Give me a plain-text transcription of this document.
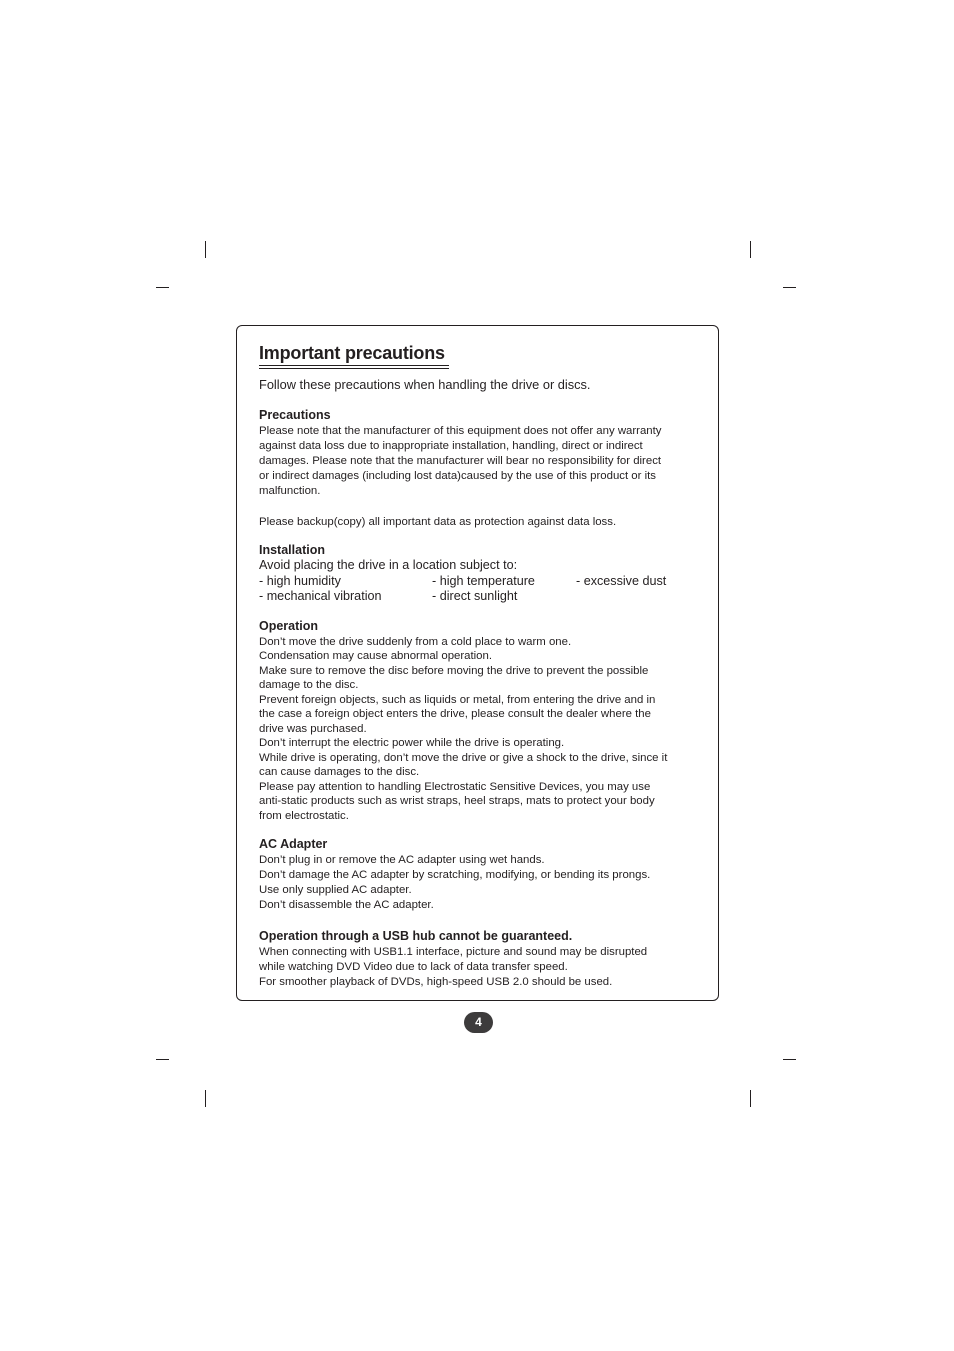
Important precautions

Follow these precautions when handling the drive or discs.

Precautions

Please note that the manufacturer of this equipment does not offer any warranty
against data loss due to inappropriate installation, handling, direct or indirect
damages. Please note that the manufacturer will bear no responsibility for direct
or indirect damages (including lost data)caused by the use of this product or its
malfunction.

Please backup(copy) all important data as protection against data loss.

Installation

Avoid placing the drive in a location subject to:

- high humidity	- high temperature	- excessive dust
- mechanical vibration	- direct sunlight

Operation

Don’t move the drive suddenly from a cold place to warm one.
Condensation may cause abnormal operation.
Make sure to remove the disc before moving the drive to prevent the possible
damage to the disc.
Prevent foreign objects, such as liquids or metal, from entering the drive and in
the case a foreign object enters the drive, please consult the dealer where the
drive was purchased.
Don’t interrupt the electric power while the drive is operating.
While drive is operating, don’t move the drive or give a shock to the drive, since it
can cause damages to the disc.
Please pay attention to handling Electrostatic Sensitive Devices, you may use
anti-static products such as wrist straps, heel straps, mats to protect your body
from electrostatic.

AC Adapter

Don’t plug in or remove the AC adapter using wet hands.
Don’t damage the AC adapter by scratching, modifying, or bending its prongs.
Use only supplied AC adapter.
Don’t disassemble the AC adapter.

Operation through a USB hub cannot be guaranteed.

When connecting with USB1.1 interface, picture and sound may be disrupted
while watching DVD Video due to lack of data transfer speed.
For smoother playback of DVDs, high-speed USB 2.0 should be used.
4
